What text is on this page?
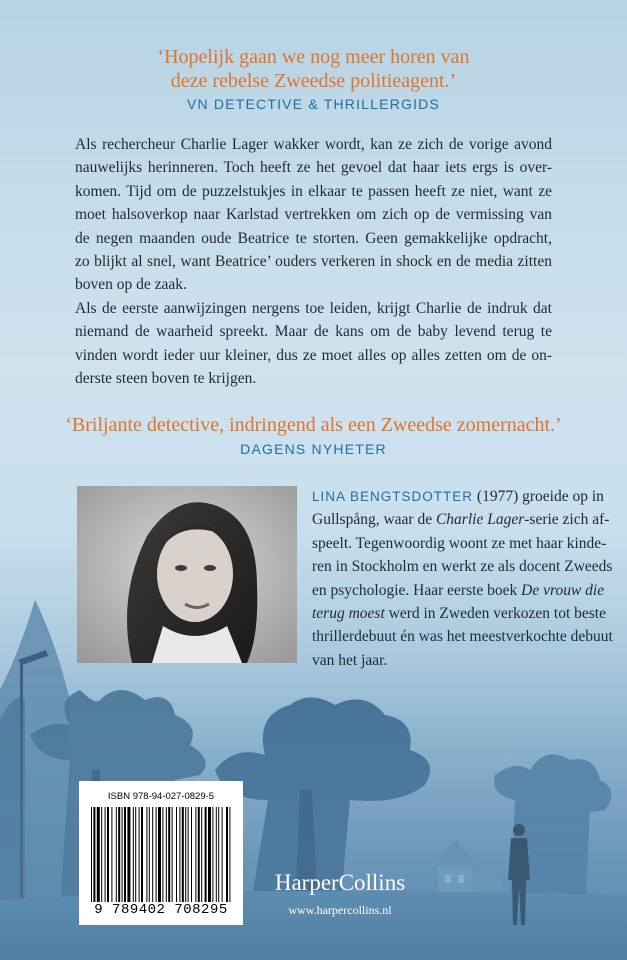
‘Hopelijk gaan we nog meer horen van

deze rebelse Zweedse politieagent.’

VN DETECTIVE & THRILLERGIDS

Als rechercheur Charlie Lager wakker wordt, kan ze zich de vorige avond
nauwelijks herinneren. Toch heeft ze het gevoel dat haar iets ergs is over-
komen. Tijd om de puzzelstukjes in elkaar te passen heeft ze niet, want ze
moet halsoverkop naar Karlstad vertrekken om zich op de vermissing van
de negen maanden oude Beatrice te storten. Geen gemakkelijke opdracht,
zo blijkt al snel, want Beatrice’ ouders verkeren in shock en de media zitten
boven op de zaak.
Als de eerste aanwijzingen nergens toe leiden, krijgt Charlie de indruk dat
niemand de waarheid spreekt. Maar de kans om de baby levend terug te
vinden wordt ieder uur kleiner, dus ze moet alles op alles zetten om de on-
derste steen boven te krijgen.

‘Briljante detective, indringend als een Zweedse zomernacht.’

DAGENS NYHETER

LINA BENGTSDOTTER (1977) groeide op in
Gullspång, waar de Charlie Lager-serie zich af-
speelt. Tegenwoordig woont ze met haar kinde-
ren in Stockholm en werkt ze als docent Zweeds
en psychologie. Haar eerste boek De vrouw die
terug moest werd in Zweden verkozen tot beste
thrillerdebuut én was het meestverkochte debuut
van het jaar.
ISBN 978-94-027-0829-5
9 789402 708295
HarperCollins
www.harpercollins.nl
